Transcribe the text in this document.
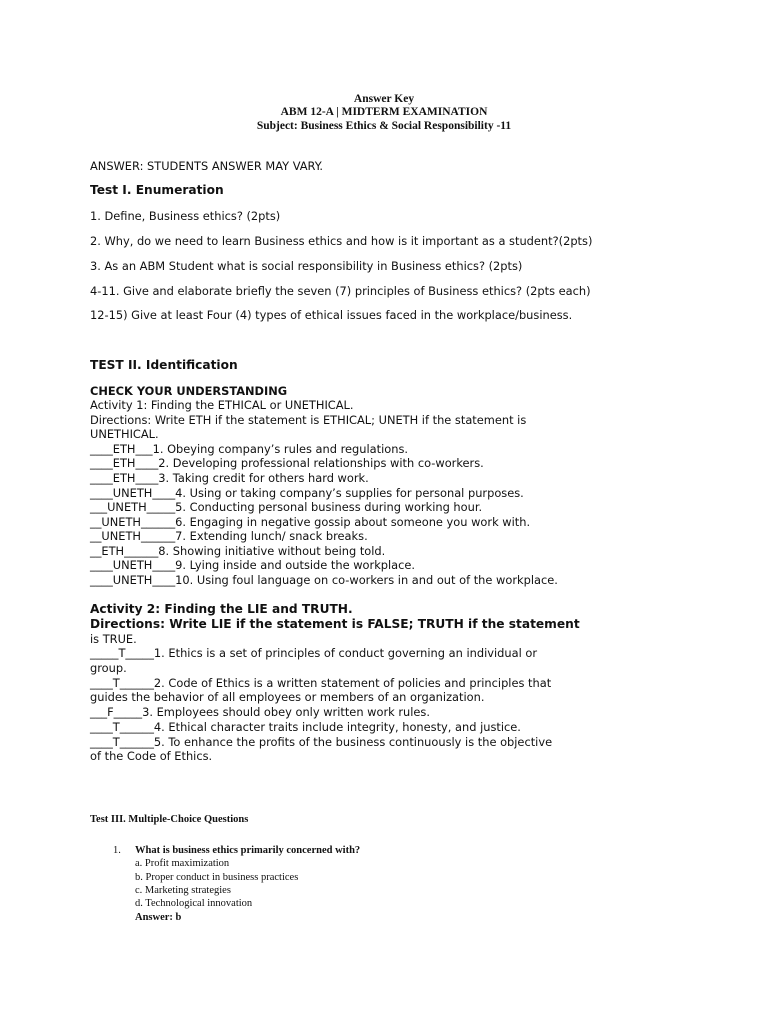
Answer Key
ABM 12-A | MIDTERM EXAMINATION
Subject: Business Ethics & Social Responsibility -11
ANSWER: STUDENTS ANSWER MAY VARY.
Test I. Enumeration
1. Define, Business ethics? (2pts)
2. Why, do we need to learn Business ethics and how is it important as a student?(2pts)
3. As an ABM Student what is social responsibility in Business ethics? (2pts)
4-11. Give and elaborate briefly the seven (7) principles of Business ethics? (2pts each)
12-15) Give at least Four (4) types of ethical issues faced in the workplace/business.
TEST II. Identification
CHECK YOUR UNDERSTANDING
Activity 1: Finding the ETHICAL or UNETHICAL.
Directions: Write ETH if the statement is ETHICAL; UNETH if the statement is
UNETHICAL.
____ETH___1. Obeying company’s rules and regulations.
____ETH____2. Developing professional relationships with co-workers.
____ETH____3. Taking credit for others hard work.
____UNETH____4. Using or taking company’s supplies for personal purposes.
___UNETH_____5. Conducting personal business during working hour.
__UNETH______6. Engaging in negative gossip about someone you work with.
__UNETH______7. Extending lunch/ snack breaks.
__ETH______8. Showing initiative without being told.
____UNETH____9. Lying inside and outside the workplace.
____UNETH____10. Using foul language on co-workers in and out of the workplace.
Activity 2: Finding the LIE and TRUTH.
Directions: Write LIE if the statement is FALSE; TRUTH if the statement
is TRUE.
_____T_____1. Ethics is a set of principles of conduct governing an individual or
group.
____T______2. Code of Ethics is a written statement of policies and principles that
guides the behavior of all employees or members of an organization.
___F_____3. Employees should obey only written work rules.
____T______4. Ethical character traits include integrity, honesty, and justice.
____T______5. To enhance the profits of the business continuously is the objective
of the Code of Ethics.
Test III. Multiple-Choice Questions
1. What is business ethics primarily concerned with?
a. Profit maximization
b. Proper conduct in business practices
c. Marketing strategies
d. Technological innovation
Answer: b
